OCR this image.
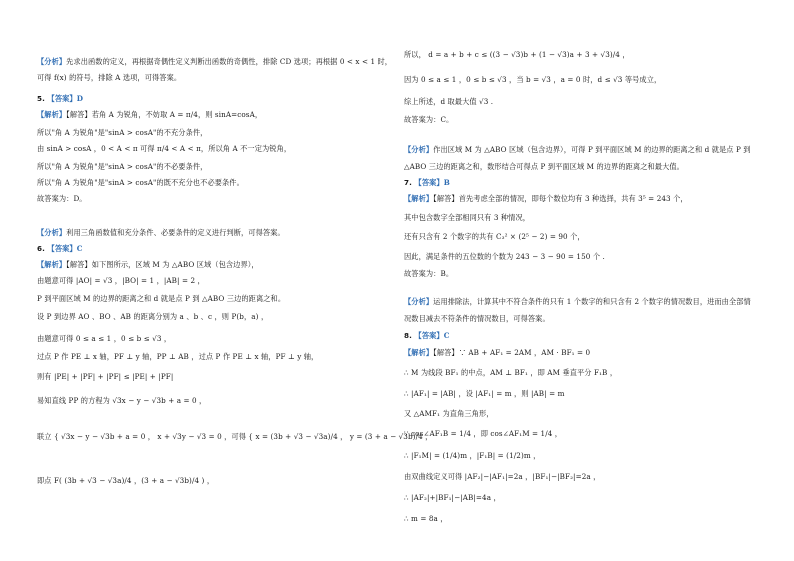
【分析】先求出函数的定义，再根据奇偶性定义判断出函数的奇偶性，排除 CD 选项；再根据 0 < x < 1 时，
可得 f(x) 的符号，排除 A 选项，可得答案。
5. 【答案】D
【解析】【解答】若角 A 为锐角，不妨取 A = π/4，则 sinA=cosA，
所以"角 A 为锐角"是"sinA > cosA"的不充分条件，
由 sinA > cosA ，0 < A < π 可得 π/4 < A < π，所以角 A 不一定为锐角，
所以"角 A 为锐角"是"sinA > cosA"的不必要条件，
所以"角 A 为锐角"是"sinA > cosA"的既不充分也不必要条件。
故答案为：D。
【分析】利用三角函数值和充分条件、必要条件的定义进行判断，可得答案。
6. 【答案】C
【解析】【解答】如下图所示，区域 M 为 △ABO 区域（包含边界），
由题意可得 |AO| = √3 ，|BO| = 1 ，|AB| = 2 ，
P 到平面区域 M 的边界的距离之和 d 就是点 P 到 △ABO 三边的距离之和。
设 P 到边界 AO 、BO 、AB 的距离分别为 a 、b 、c ，则 P(b，a) ，
由题意可得 0 ≤ a ≤ 1 ，0 ≤ b ≤ √3 ，
过点 P 作 PE ⊥ x 轴，PF ⊥ y 轴，PP ⊥ AB ，过点 P 作 PE ⊥ x 轴，PF ⊥ y 轴，
则有 |PE| + |PF| + |PF| ≤ |PE| + |PF|
易知直线 PP 的方程为 √3x − y − √3b + a = 0 ，
联立 { √3x − y − √3b + a = 0 ， x + √3y − √3 = 0 ，可得 { x = (3b + √3 − √3a)/4 ， y = (3 + a − √3b)/4 ，
即点 F( (3b + √3 − √3a)/4 ，(3 + a − √3b)/4 ) ，
所以， d = a + b + c ≤ ((3 − √3)b + (1 − √3)a + 3 + √3)/4 ，
因为 0 ≤ a ≤ 1 ，0 ≤ b ≤ √3 ，当 b = √3 ，a = 0 时，d ≤ √3 等号成立，
综上所述，d 取最大值 √3 .
故答案为：C。
【分析】作出区域 M 为 △ABO 区域（包含边界），可得 P 到平面区域 M 的边界的距离之和 d 就是点 P 到
△ABO 三边的距离之和，数形结合可得点 P 到平面区域 M 的边界的距离之和最大值。
7. 【答案】B
【解析】【解答】首先考虑全部的情况，即每个数位均有 3 种选择，共有 3⁵ = 243 个，
其中包含数字全部相同只有 3 种情况，
还有只含有 2 个数字的共有 C₃² × (2⁵ − 2) = 90 个，
因此，满足条件的五位数的个数为 243 − 3 − 90 = 150 个 .
故答案为：B。
【分析】运用排除法，计算其中不符合条件的只有 1 个数字的和只含有 2 个数字的情况数目，进而由全部情
况数目减去不符条件的情况数目，可得答案。
8. 【答案】C
【解析】【解答】∵ AB + AF₁ = 2AM ，AM · BF₁ = 0
∴ M 为线段 BF₁ 的中点，AM ⊥ BF₁ ，即 AM 垂直平分 F₁B ，
∴ |AF₁| = |AB| ，设 |AF₁| = m ，则 |AB| = m
又 △AMF₁ 为直角三角形，
∵ cos∠AF₁B = 1/4 ，即 cos∠AF₁M = 1/4 ，
∴ |F₁M| = (1/4)m ，|F₁B| = (1/2)m ，
由双曲线定义可得 |AF₂|−|AF₁|=2a ，|BF₁|−|BF₂|=2a ，
∴ |AF₂|+|BF₁|−|AB|=4a ，
∴ m = 8a ，
